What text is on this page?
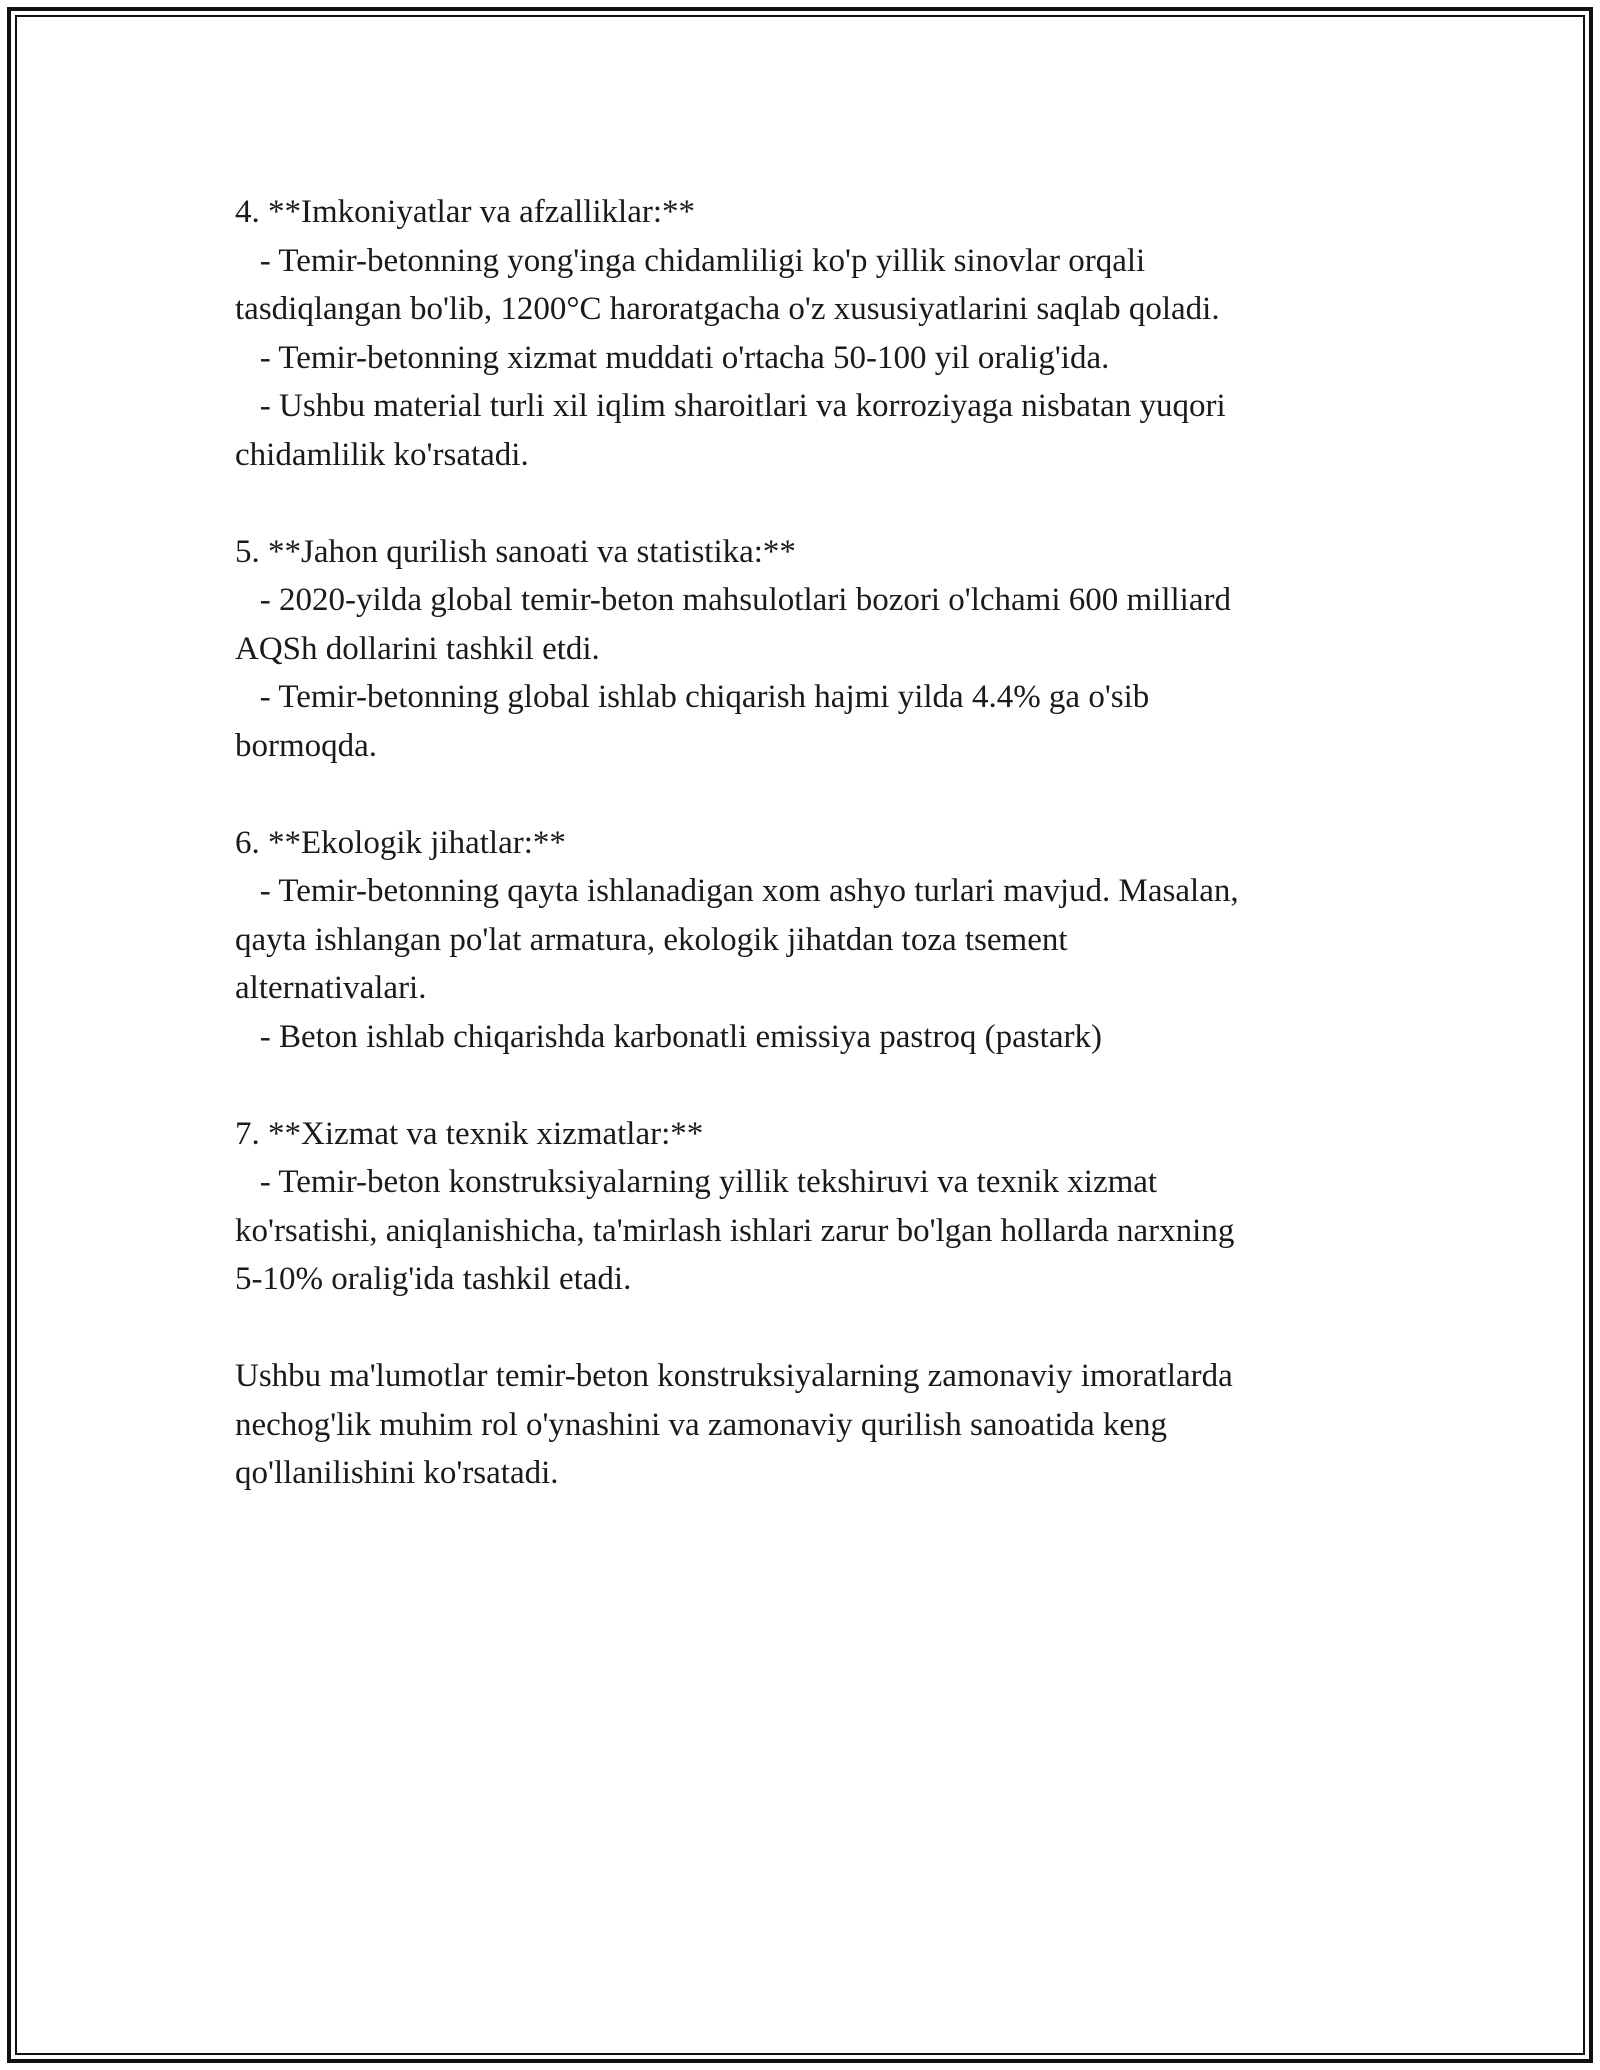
4. **Imkoniyatlar va afzalliklar:**
- Temir-betonning yong'inga chidamliligi ko'p yillik sinovlar orqali
tasdiqlangan bo'lib, 1200°C haroratgacha o'z xususiyatlarini saqlab qoladi.
- Temir-betonning xizmat muddati o'rtacha 50-100 yil oralig'ida.
- Ushbu material turli xil iqlim sharoitlari va korroziyaga nisbatan yuqori
chidamlilik ko'rsatadi.
5. **Jahon qurilish sanoati va statistika:**
- 2020-yilda global temir-beton mahsulotlari bozori o'lchami 600 milliard
AQSh dollarini tashkil etdi.
- Temir-betonning global ishlab chiqarish hajmi yilda 4.4% ga o'sib
bormoqda.
6. **Ekologik jihatlar:**
- Temir-betonning qayta ishlanadigan xom ashyo turlari mavjud. Masalan,
qayta ishlangan po'lat armatura, ekologik jihatdan toza tsement
alternativalari.
- Beton ishlab chiqarishda karbonatli emissiya pastroq (pastark)
7. **Xizmat va texnik xizmatlar:**
- Temir-beton konstruksiyalarning yillik tekshiruvi va texnik xizmat
ko'rsatishi, aniqlanishicha, ta'mirlash ishlari zarur bo'lgan hollarda narxning
5-10% oralig'ida tashkil etadi.
Ushbu ma'lumotlar temir-beton konstruksiyalarning zamonaviy imoratlarda
nechog'lik muhim rol o'ynashini va zamonaviy qurilish sanoatida keng
qo'llanilishini ko'rsatadi.
